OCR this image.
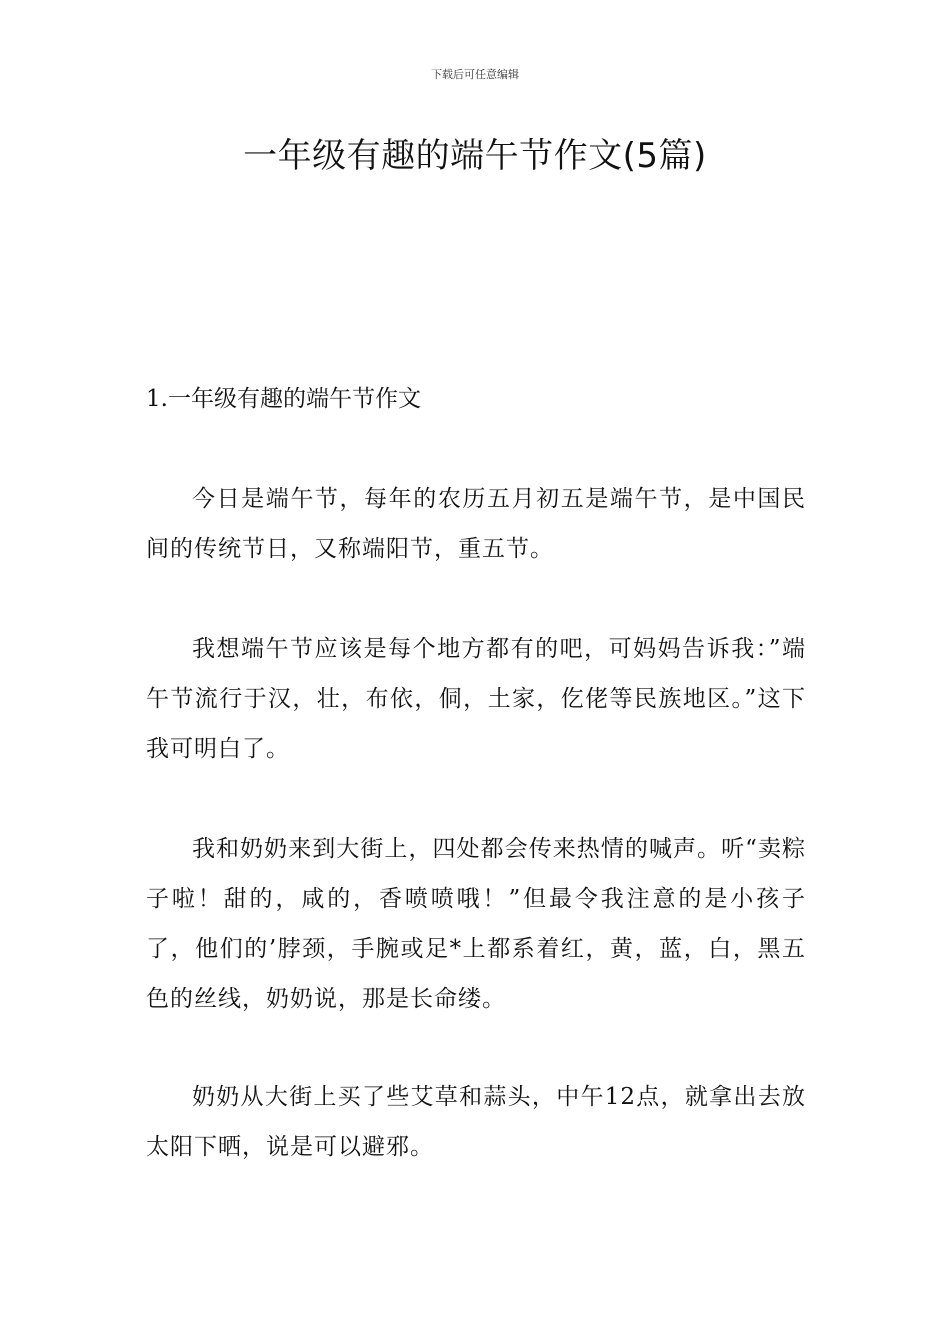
下载后可任意编辑
一年级有趣的端午节作文(5篇)
1.一年级有趣的端午节作文

今日是端午节，每年的农历五月初五是端午节，是中国民间的传统节日，又称端阳节，重五节。

我想端午节应该是每个地方都有的吧，可妈妈告诉我：”端午节流行于汉，壮，布依，侗，土家，仡佬等民族地区。”这下我可明白了。

我和奶奶来到大街上，四处都会传来热情的喊声。听“卖粽子啦！甜的，咸的，香喷喷哦！”但最令我注意的是小孩子了，他们的’脖颈，手腕或足*上都系着红，黄，蓝，白，黑五色的丝线，奶奶说，那是长命缕。

奶奶从大街上买了些艾草和蒜头，中午12点，就拿出去放太阳下晒，说是可以避邪。
